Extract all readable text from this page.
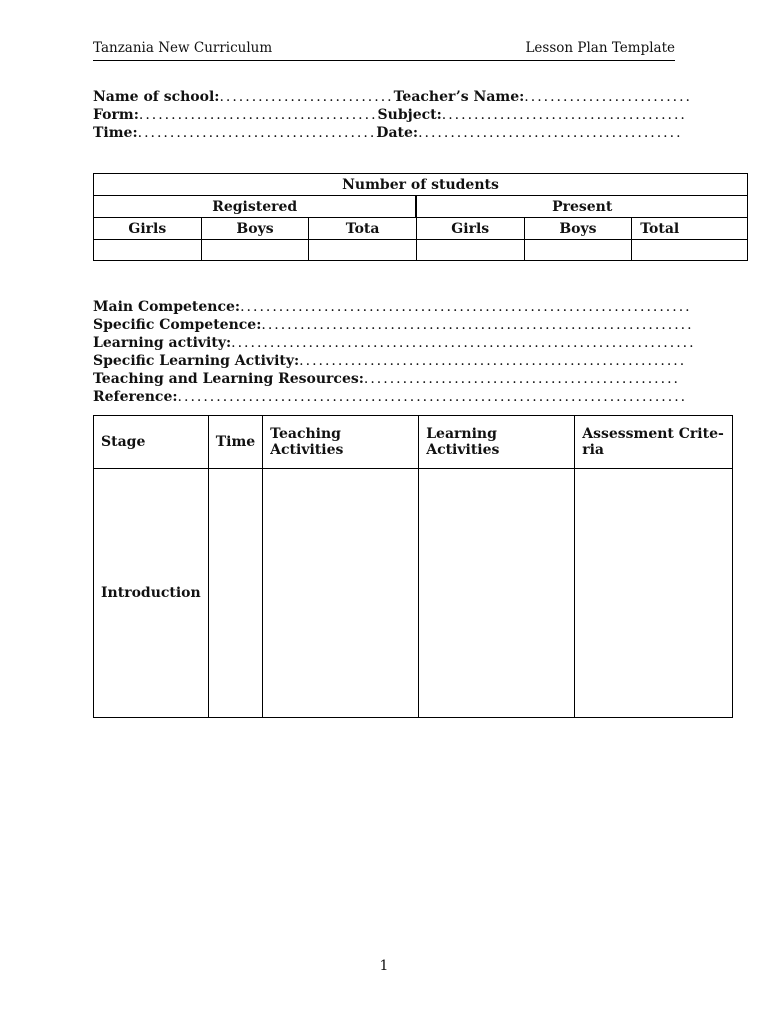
Tanzania New Curriculum	Lesson Plan Template
Name of school:...........................Teacher’s Name:..........................
Form:.....................................Subject:......................................
Time:.....................................Date:.........................................
Number of students					
Registered			Present		
Girls	Boys	Tota	Girls	Boys	Total

Main Competence:......................................................................
Specific Competence:...................................................................
Learning activity:........................................................................
Specific Learning Activity:............................................................
Teaching and Learning Resources:.................................................
Reference:...............................................................................
Stage	Time	Teaching Activities	Learning Activities	Assessment Crite- ria
Introduction				
1
